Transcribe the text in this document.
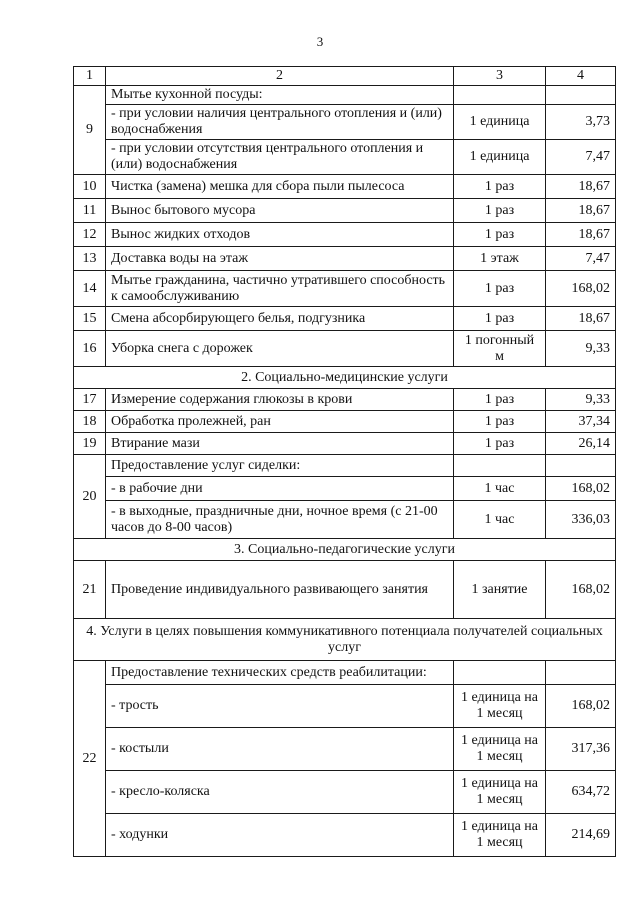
3
1	2	3	4
9	Мытье кухонной посуды:		
	- при условии наличия центрального отопления и (или) водоснабжения	1 единица	3,73
	- при условии отсутствия центрального отопления и (или) водоснабжения	1 единица	7,47
10	Чистка (замена) мешка для сбора пыли пылесоса	1 раз	18,67
11	Вынос бытового мусора	1 раз	18,67
12	Вынос жидких отходов	1 раз	18,67
13	Доставка воды на этаж	1 этаж	7,47
14	Мытье гражданина, частично утратившего способность к самообслуживанию	1 раз	168,02
15	Смена абсорбирующего белья, подгузника	1 раз	18,67
16	Уборка снега с дорожек	1 погонный м	9,33
2. Социально-медицинские услуги			
17	Измерение содержания глюкозы в крови	1 раз	9,33
18	Обработка пролежней, ран	1 раз	37,34
19	Втирание мази	1 раз	26,14
20	Предоставление услуг сиделки:		
	- в рабочие дни	1 час	168,02
	- в выходные, праздничные дни, ночное время (с 21-00 часов до 8-00 часов)	1 час	336,03
3. Социально-педагогические услуги			
21	Проведение индивидуального развивающего занятия	1 занятие	168,02
4. Услуги в целях повышения коммуникативного потенциала получателей социальных услуг			
22	Предоставление технических средств реабилитации:		
	- трость	1 единица на 1 месяц	168,02
	- костыли	1 единица на 1 месяц	317,36
	- кресло-коляска	1 единица на 1 месяц	634,72
	- ходунки	1 единица на 1 месяц	214,69
